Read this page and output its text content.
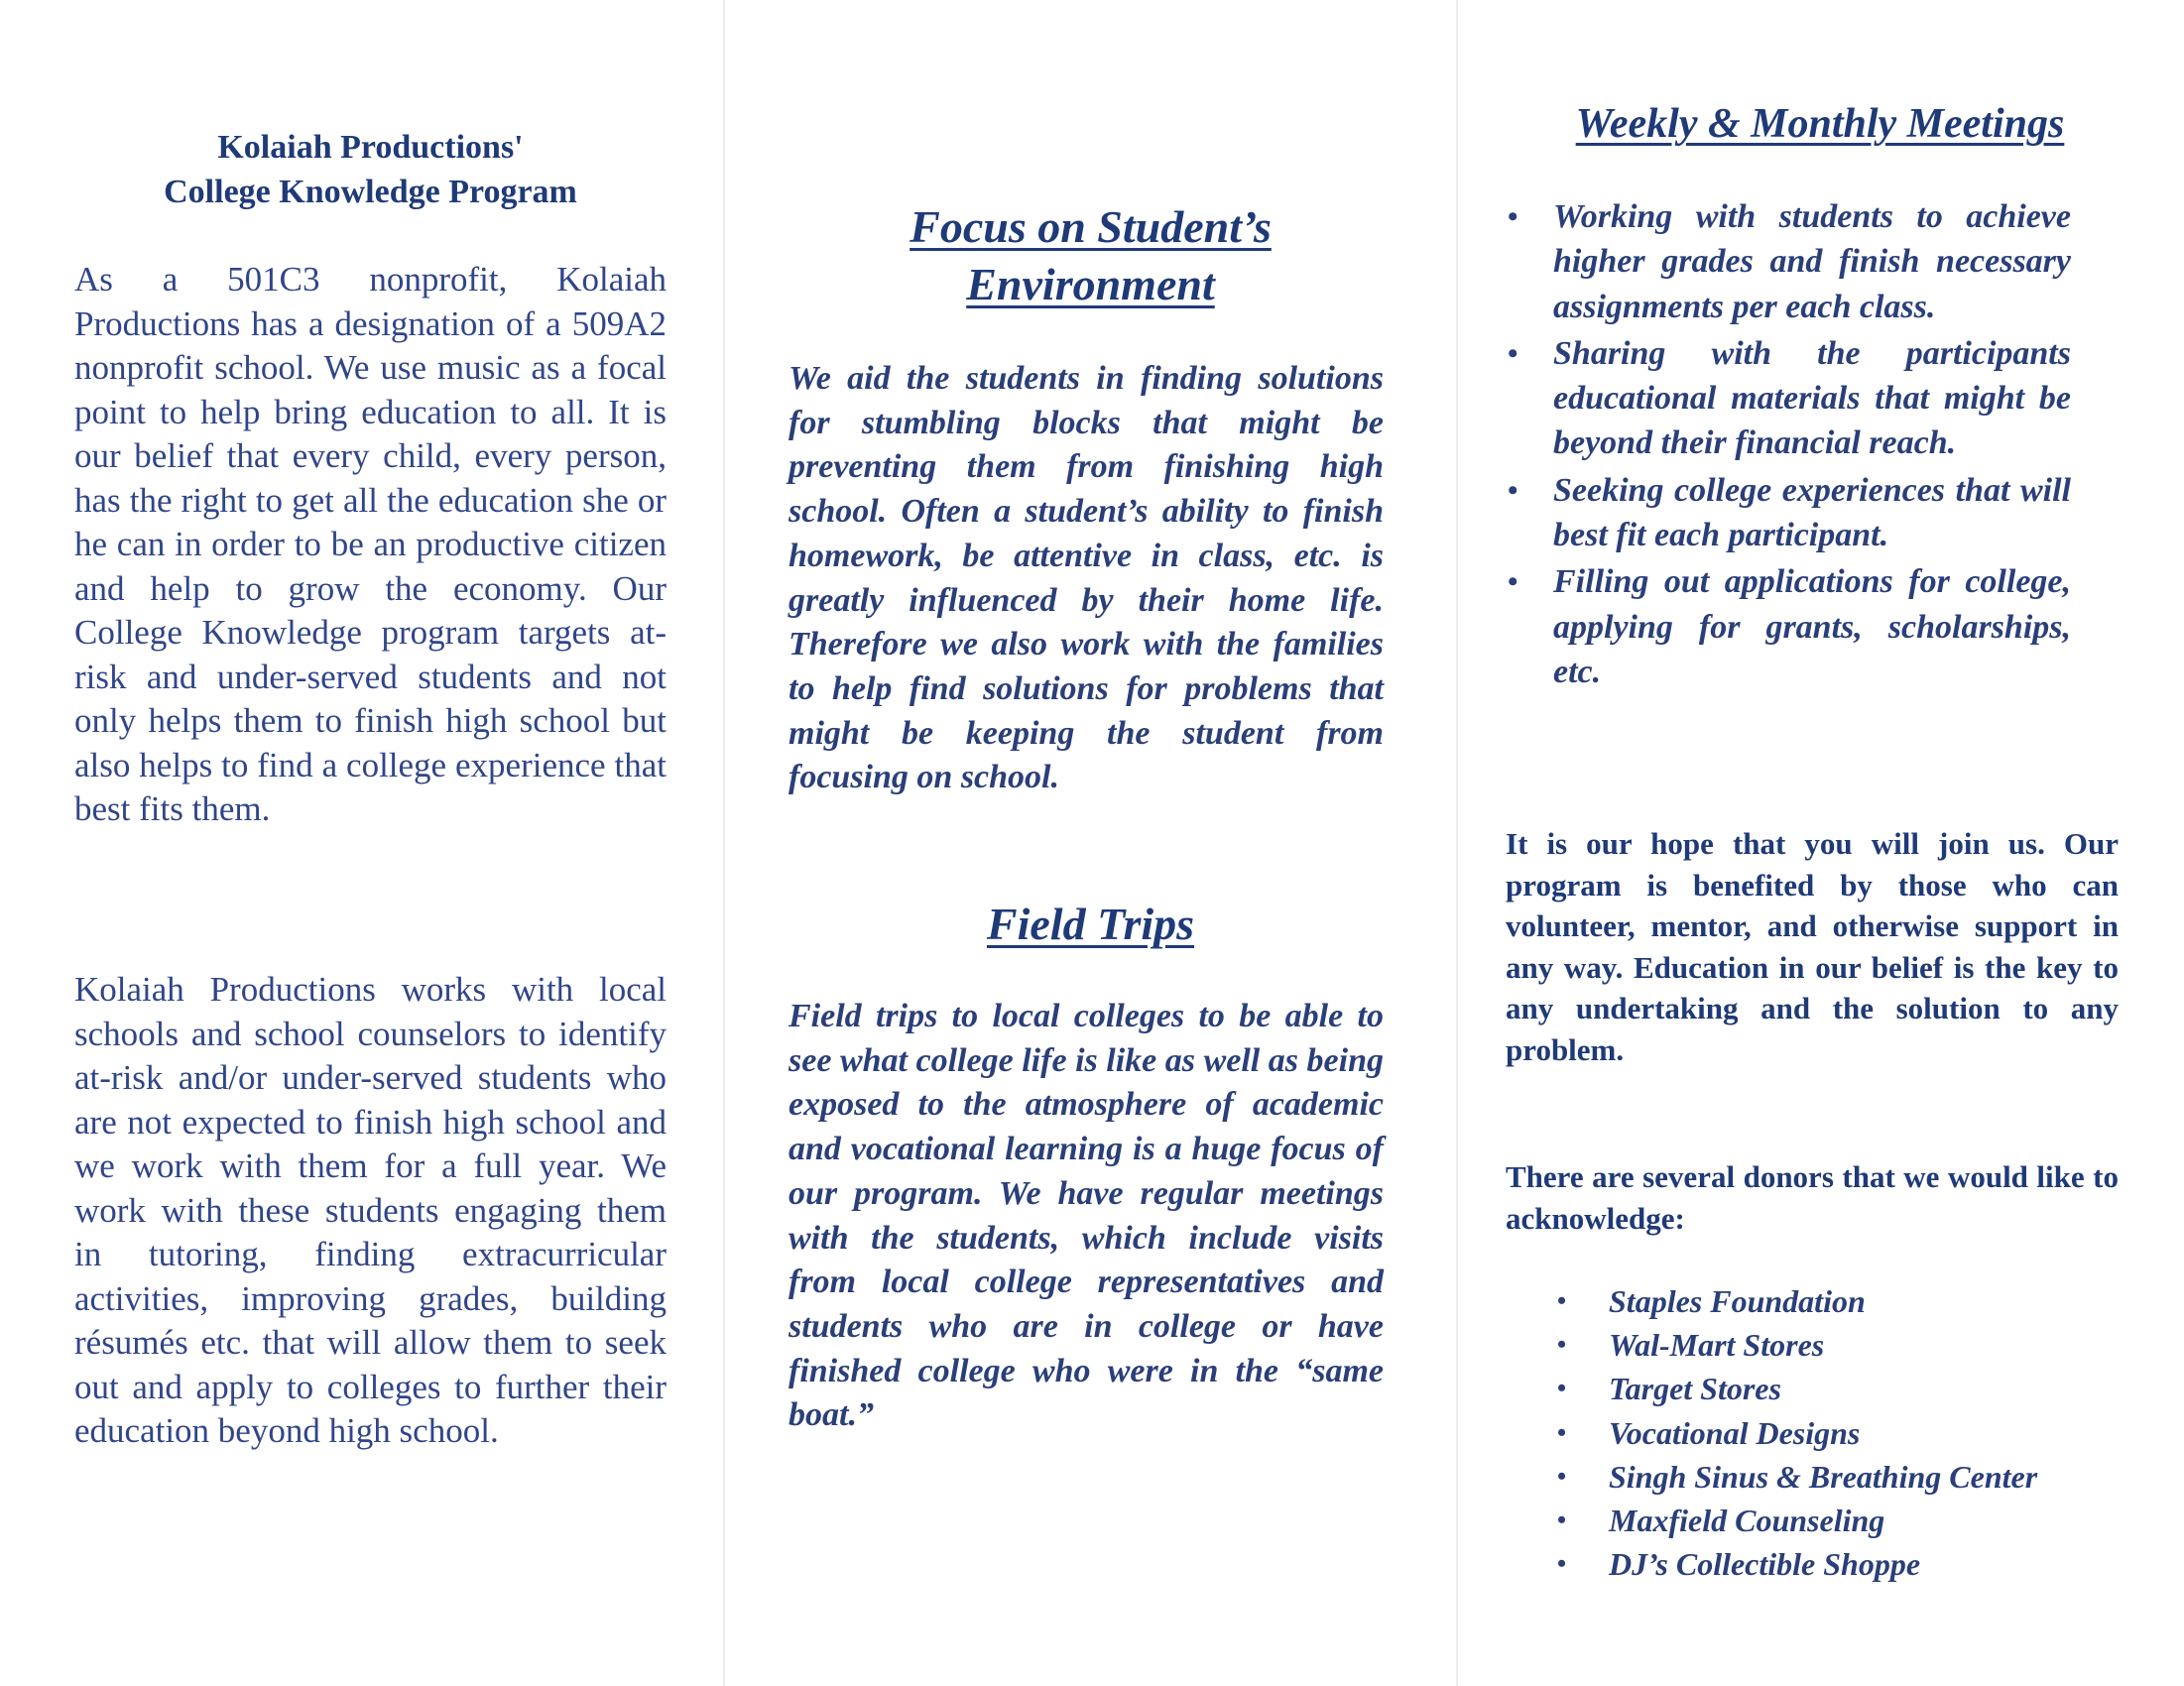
Kolaiah Productions'
College Knowledge Program

As a 501C3 nonprofit, Kolaiah Productions has a designation of a 509A2 nonprofit school. We use music as a focal point to help bring education to all. It is our belief that every child, every person, has the right to get all the education she or he can in order to be an productive citizen and help to grow the economy. Our College Knowledge program targets at-risk and under-served students and not only helps them to finish high school but also helps to find a college experience that best fits them.

Kolaiah Productions works with local schools and school counselors to identify at-risk and/or under-served students who are not expected to finish high school and we work with them for a full year. We work with these students engaging them in tutoring, finding extracurricular activities, improving grades, building résumés etc. that will allow them to seek out and apply to colleges to further their education beyond high school.

Focus on Student’s
Environment

We aid the students in finding solutions for stumbling blocks that might be preventing them from finishing high school. Often a student’s ability to finish homework, be attentive in class, etc. is greatly influenced by their home life. Therefore we also work with the families to help find solutions for problems that might be keeping the student from focusing on school.

Field Trips

Field trips to local colleges to be able to see what college life is like as well as being exposed to the atmosphere of academic and vocational learning is a huge focus of our program. We have regular meetings with the students, which include visits from local college representatives and students who are in college or have finished college who were in the “same boat.”

Weekly & Monthly Meetings
• Working with students to achieve higher grades and finish necessary assignments per each class.
• Sharing with the participants educational materials that might be beyond their financial reach.
• Seeking college experiences that will best fit each participant.
• Filling out applications for college, applying for grants, scholarships, etc.

It is our hope that you will join us. Our program is benefited by those who can volunteer, mentor, and otherwise support in any way. Education in our belief is the key to any undertaking and the solution to any problem.

There are several donors that we would like to acknowledge:

• Staples Foundation
• Wal-Mart Stores
• Target Stores
• Vocational Designs
• Singh Sinus & Breathing Center
• Maxfield Counseling
• DJ’s Collectible Shoppe
